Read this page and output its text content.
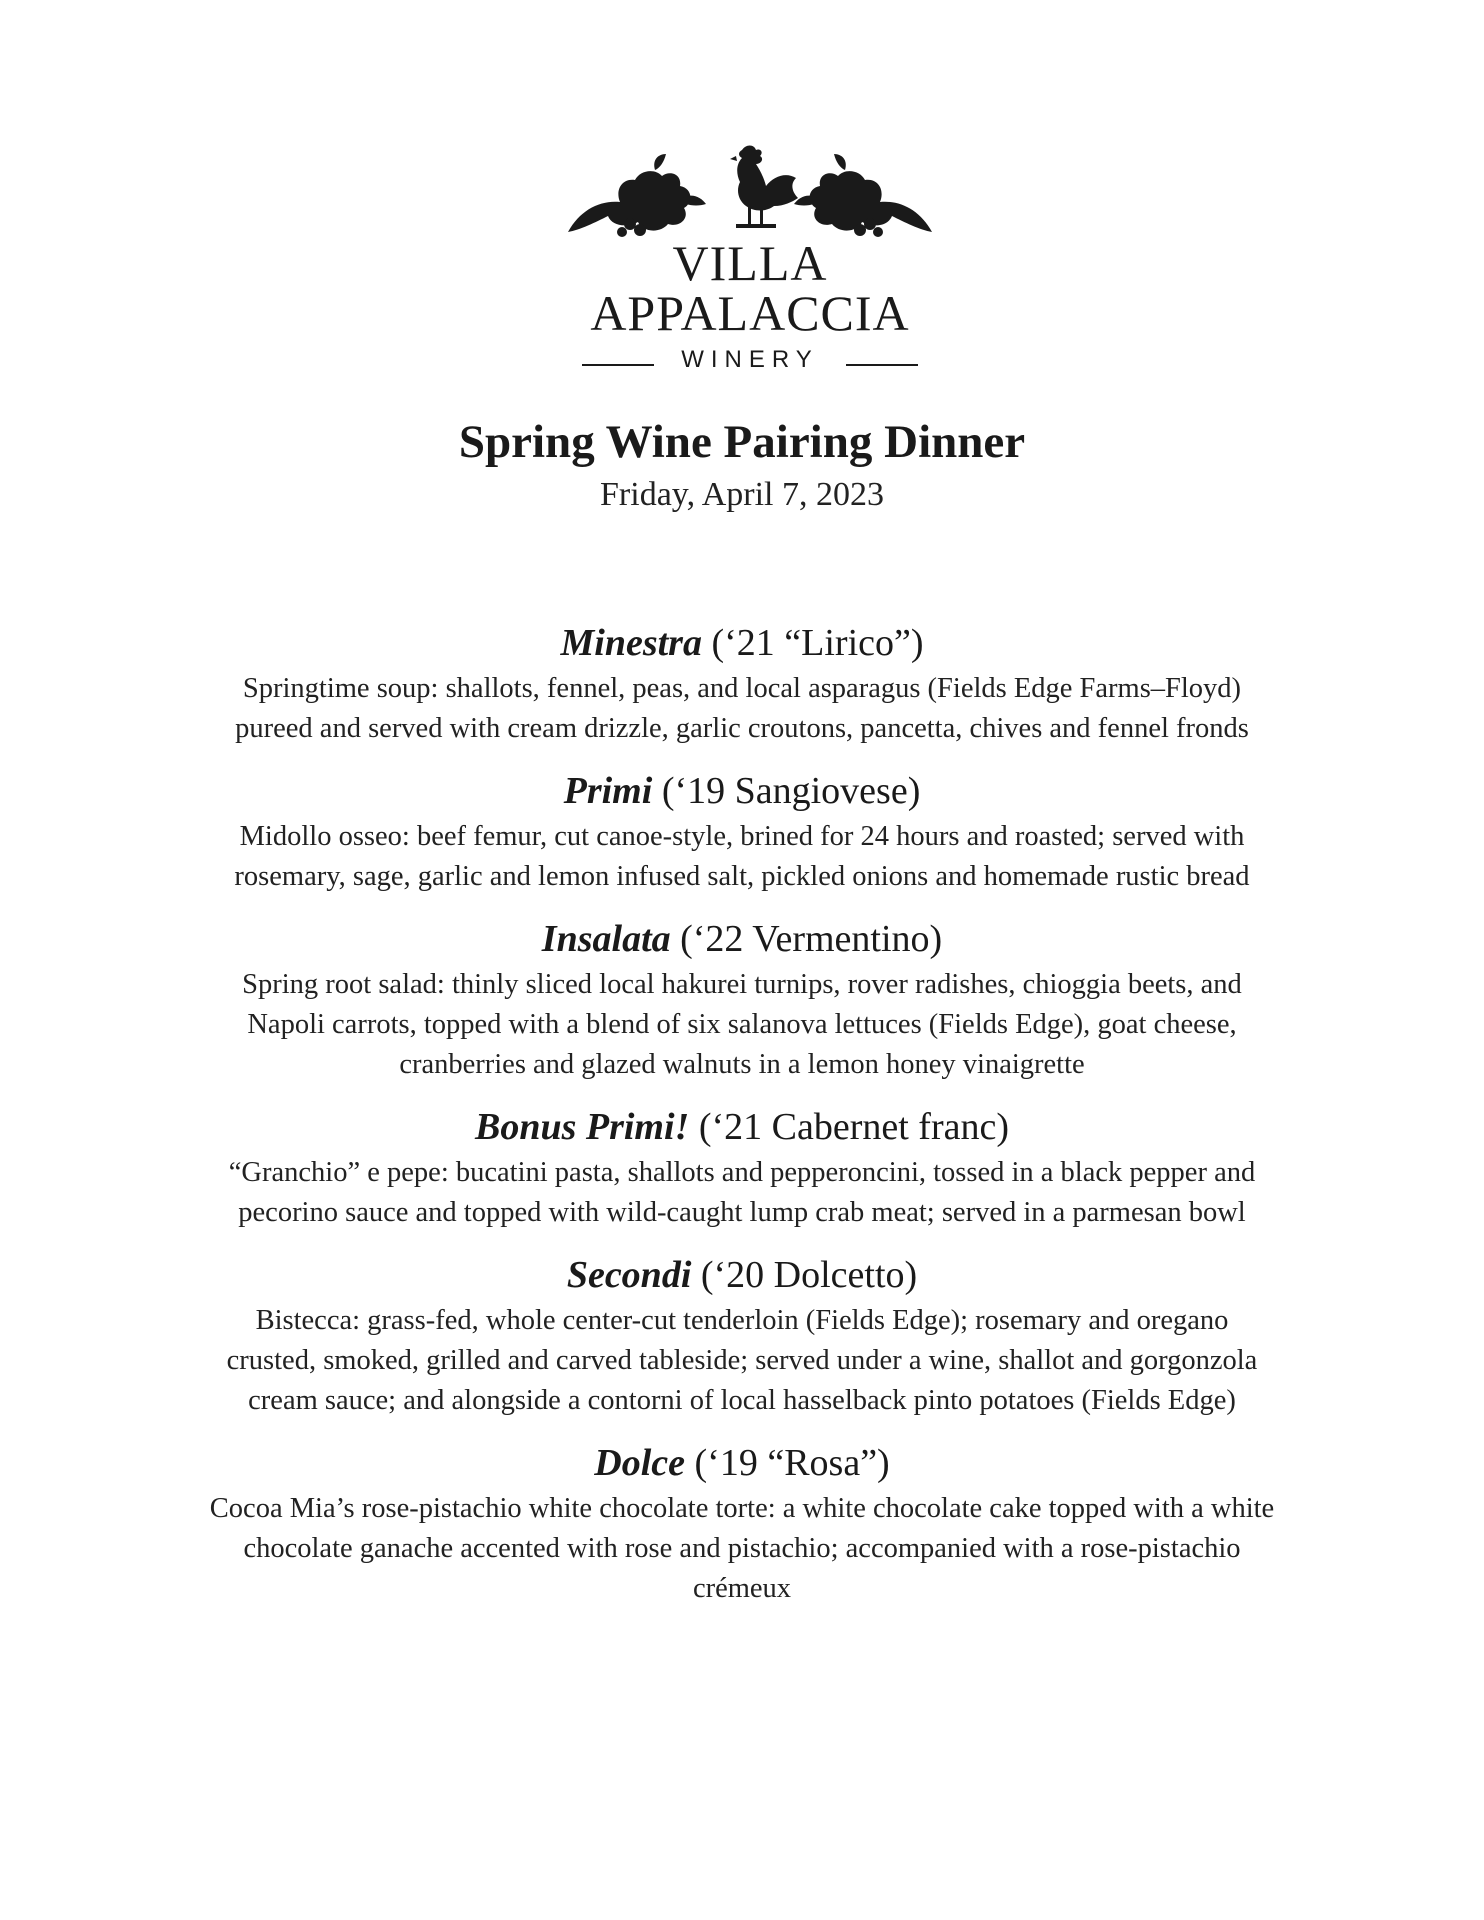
VILLA
APPALACCIA
WINERY
Spring Wine Pairing Dinner
Friday, April 7, 2023
Minestra (‘21 “Lirico”)
Springtime soup: shallots, fennel, peas, and local asparagus (Fields Edge Farms–Floyd)
pureed and served with cream drizzle, garlic croutons, pancetta, chives and fennel fronds
Primi (‘19 Sangiovese)
Midollo osseo: beef femur, cut canoe-style, brined for 24 hours and roasted; served with
rosemary, sage, garlic and lemon infused salt, pickled onions and homemade rustic bread
Insalata (‘22 Vermentino)
Spring root salad: thinly sliced local hakurei turnips, rover radishes, chioggia beets, and
Napoli carrots, topped with a blend of six salanova lettuces (Fields Edge), goat cheese,
cranberries and glazed walnuts in a lemon honey vinaigrette
Bonus Primi! (‘21 Cabernet franc)
“Granchio” e pepe: bucatini pasta, shallots and pepperoncini, tossed in a black pepper and
pecorino sauce and topped with wild-caught lump crab meat; served in a parmesan bowl
Secondi (‘20 Dolcetto)
Bistecca: grass-fed, whole center-cut tenderloin (Fields Edge); rosemary and oregano
crusted, smoked, grilled and carved tableside; served under a wine, shallot and gorgonzola
cream sauce; and alongside a contorni of local hasselback pinto potatoes (Fields Edge)
Dolce (‘19 “Rosa”)
Cocoa Mia’s rose-pistachio white chocolate torte: a white chocolate cake topped with a white
chocolate ganache accented with rose and pistachio; accompanied with a rose-pistachio
crémeux
